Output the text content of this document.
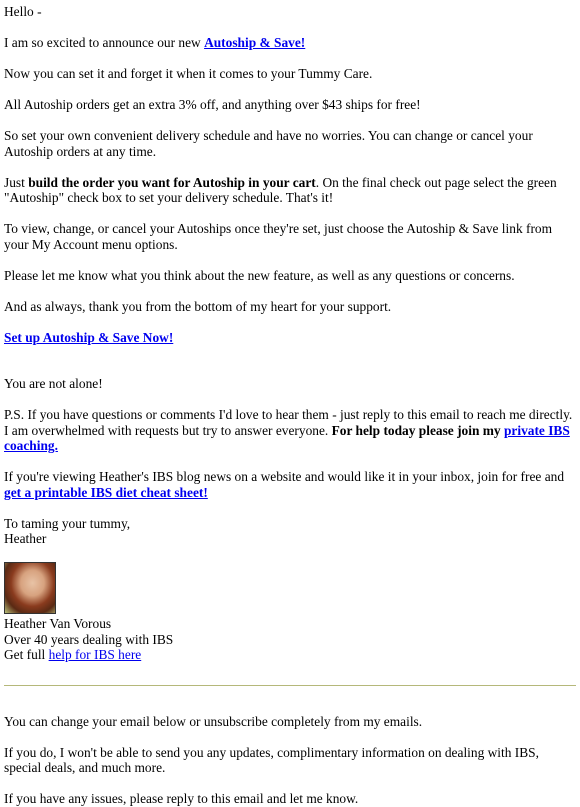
Hello -

I am so excited to announce our new Autoship & Save!

Now you can set it and forget it when it comes to your Tummy Care.

All Autoship orders get an extra 3% off, and anything over $43 ships for free!

So set your own convenient delivery schedule and have no worries. You can change or cancel your Autoship orders at any time.

Just build the order you want for Autoship in your cart. On the final check out page select the green "Autoship" check box to set your delivery schedule. That's it!

To view, change, or cancel your Autoships once they're set, just choose the Autoship & Save link from your My Account menu options.

Please let me know what you think about the new feature, as well as any questions or concerns.

And as always, thank you from the bottom of my heart for your support.

Set up Autoship & Save Now!

You are not alone!

P.S. If you have questions or comments I'd love to hear them - just reply to this email to reach me directly. I am overwhelmed with requests but try to answer everyone. For help today please join my private IBS coaching.

If you're viewing Heather's IBS blog news on a website and would like it in your inbox, join for free and get a printable IBS diet cheat sheet!

To taming your tummy,
Heather

Heather Van Vorous
Over 40 years dealing with IBS
Get full help for IBS here

You can change your email below or unsubscribe completely from my emails.

If you do, I won't be able to send you any updates, complimentary information on dealing with IBS, special deals, and much more.

If you have any issues, please reply to this email and let me know.
